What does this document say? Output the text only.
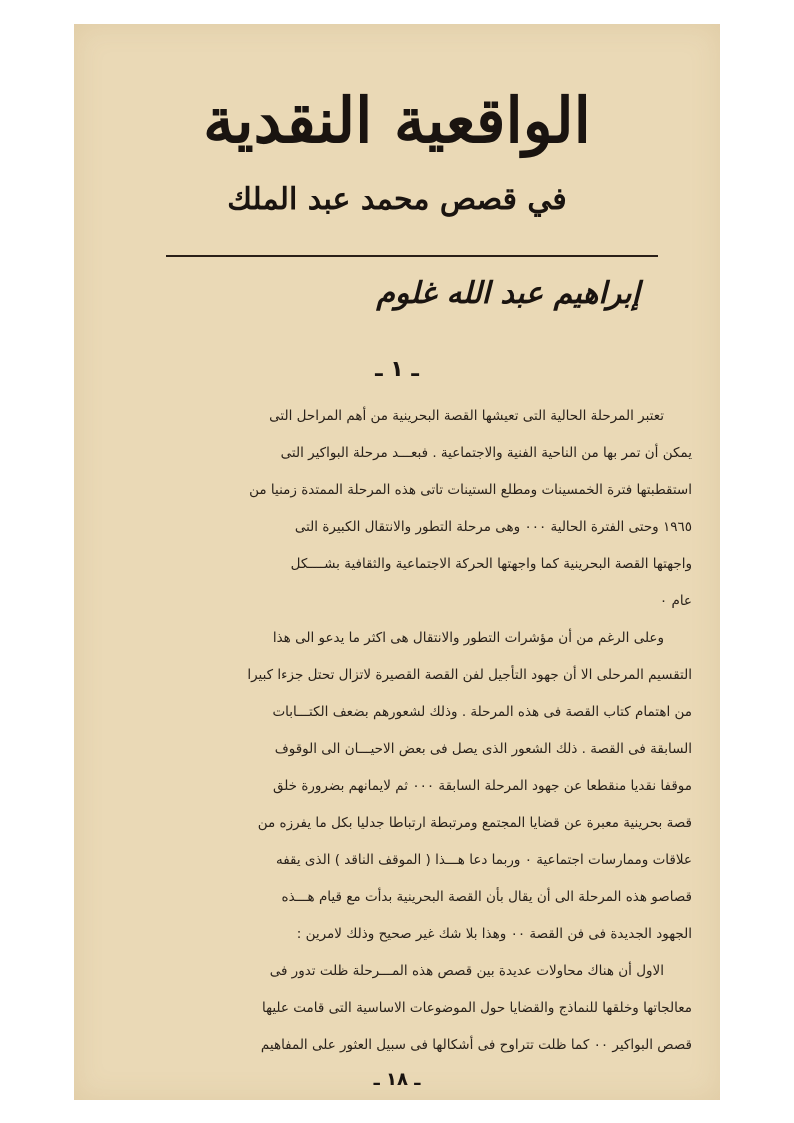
الواقعية النقدية
في قصص محمد عبد الملك
إبراهيم عبد الله غلوم
ـ ١ ـ
تعتبر المرحلة الحالية التى تعيشها القصة البحرينية من أهم المراحل التى
يمكن أن تمر بها من الناحية الفنية والاجتماعية . فبعـــد مرحلة البواكير التى
استقطبتها فترة الخمسينات ومطلع الستينات تاتى هذه المرحلة الممتدة زمنيا من
١٩٦٥ وحتى الفترة الحالية ٠٠٠ وهى مرحلة التطور والانتقال الكبيرة التى
واجهتها القصة البحرينية كما واجهتها الحركة الاجتماعية والثقافية بشــــكل
عام ٠
وعلى الرغم من أن مؤشرات التطور والانتقال هى اكثر ما يدعو الى هذا
التقسيم المرحلى الا أن جهود التأجيل لفن القصة القصيرة لاتزال تحتل جزءا كبيرا
من اهتمام كتاب القصة فى هذه المرحلة . وذلك لشعورهم بضعف الكتـــابات
السابقة فى القصة . ذلك الشعور الذى يصل فى بعض الاحيـــان الى الوقوف
موقفا نقديا منقطعا عن جهود المرحلة السابقة ٠٠٠ ثم لايمانهم بضرورة خلق
قصة بحرينية معبرة عن قضايا المجتمع ومرتبطة ارتباطا جدليا بكل ما يفرزه من
علاقات وممارسات اجتماعية ٠ وربما دعا هـــذا ( الموقف الناقد ) الذى يقفه
قصاصو هذه المرحلة الى أن يقال بأن القصة البحرينية بدأت مع قيام هـــذه
الجهود الجديدة فى فن القصة ٠٠ وهذا بلا شك غير صحيح وذلك لامرين :
الاول أن هناك محاولات عديدة بين قصص هذه المـــرحلة ظلت تدور فى
معالجاتها وخلقها للنماذج والقضايا حول الموضوعات الاساسية التى قامت عليها
قصص البواكير ٠٠ كما ظلت تتراوح فى أشكالها فى سبيل العثور على المفاهيم
ـ ١٨ ـ
